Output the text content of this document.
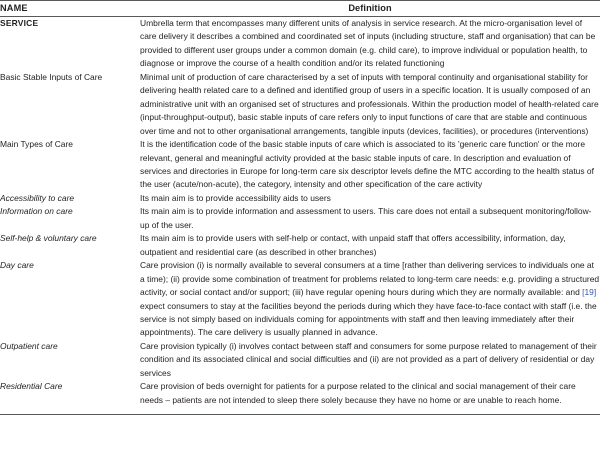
NAME	Definition
SERVICE	Umbrella term that encompasses many different units of analysis in service research. At the micro-organisation level of care delivery it describes a combined and coordinated set of inputs (including structure, staff and organisation) that can be provided to different user groups under a common domain (e.g. child care), to improve individual or population health, to diagnose or improve the course of a health condition and/or its related functioning
Basic Stable Inputs of Care	Minimal unit of production of care characterised by a set of inputs with temporal continuity and organisational stability for delivering health related care to a defined and identified group of users in a specific location. It is usually composed of an administrative unit with an organised set of structures and professionals. Within the production model of health-related care (input-throughput-output), basic stable inputs of care refers only to input functions of care that are stable and continuous over time and not to other organisational arrangements, tangible inputs (devices, facilities), or procedures (interventions)
Main Types of Care	It is the identification code of the basic stable inputs of care which is associated to its 'generic care function' or the more relevant, general and meaningful activity provided at the basic stable inputs of care. In description and evaluation of services and directories in Europe for long-term care six descriptor levels define the MTC according to the health status of the user (acute/non-acute), the category, intensity and other specification of the care activity
Accessibility to care	Its main aim is to provide accessibility aids to users
Information on care	Its main aim is to provide information and assessment to users. This care does not entail a subsequent monitoring/follow-up of the user.
Self-help & voluntary care	Its main aim is to provide users with self-help or contact, with unpaid staff that offers accessibility, information, day, outpatient and residential care (as described in other branches)
Day care	Care provision (i) is normally available to several consumers at a time [rather than delivering services to individuals one at a time); (ii) provide some combination of treatment for problems related to long-term care needs: e.g. providing a structured activity, or social contact and/or support; (iii) have regular opening hours during which they are normally available: and [19] expect consumers to stay at the facilities beyond the periods during which they have face-to-face contact with staff (i.e. the service is not simply based on individuals coming for appointments with staff and then leaving immediately after their appointments). The care delivery is usually planned in advance.
Outpatient care	Care provision typically (i) involves contact between staff and consumers for some purpose related to management of their condition and its associated clinical and social difficulties and (ii) are not provided as a part of delivery of residential or day services
Residential Care	Care provision of beds overnight for patients for a purpose related to the clinical and social management of their care needs – patients are not intended to sleep there solely because they have no home or are unable to reach home.
